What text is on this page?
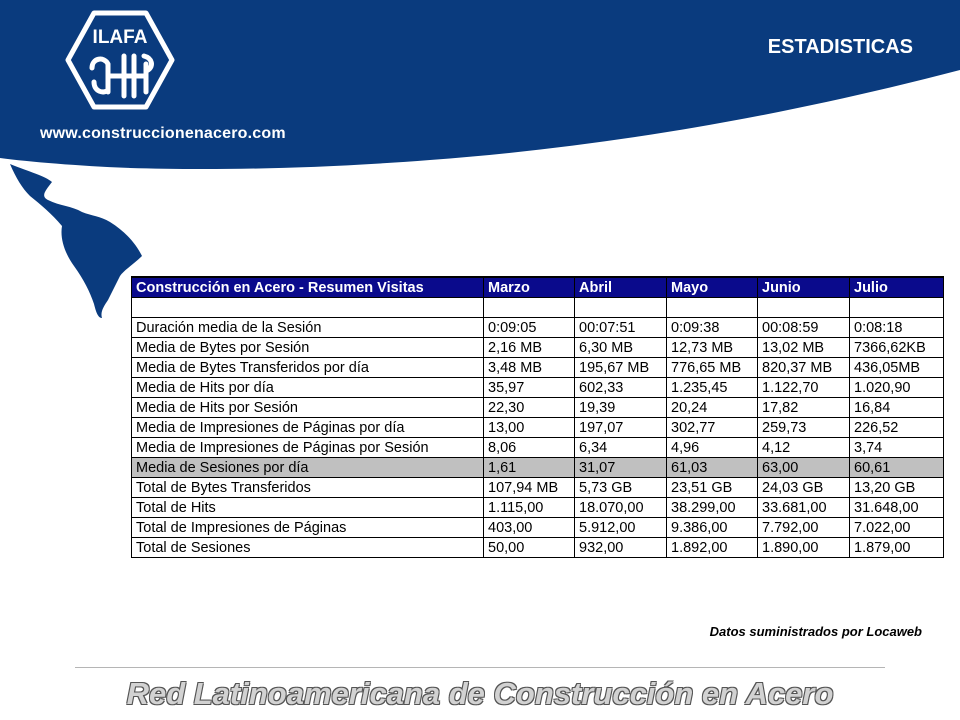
ILAFA
www.construccionenacero.com
ESTADISTICAS
Construcción en Acero - Resumen Visitas	Marzo	Abril	Mayo	Junio	Julio

Duración media de la Sesión	0:09:05	00:07:51	0:09:38	00:08:59	0:08:18
Media de Bytes por Sesión	2,16 MB	6,30 MB	12,73 MB	13,02 MB	7366,62KB
Media de Bytes Transferidos por día	3,48 MB	195,67 MB	776,65 MB	820,37 MB	436,05MB
Media de Hits por día	35,97	602,33	1.235,45	1.122,70	1.020,90
Media de Hits por Sesión	22,30	19,39	20,24	17,82	16,84
Media de Impresiones de Páginas por día	13,00	197,07	302,77	259,73	226,52
Media de Impresiones de Páginas por Sesión	8,06	6,34	4,96	4,12	3,74
Media de Sesiones por día	1,61	31,07	61,03	63,00	60,61
Total de Bytes Transferidos	107,94 MB	5,73 GB	23,51 GB	24,03 GB	13,20 GB
Total de Hits	1.115,00	18.070,00	38.299,00	33.681,00	31.648,00
Total de Impresiones de Páginas	403,00	5.912,00	9.386,00	7.792,00	7.022,00
Total de Sesiones	50,00	932,00	1.892,00	1.890,00	1.879,00
Datos suministrados por Locaweb
Red Latinoamericana de Construcción en Acero
